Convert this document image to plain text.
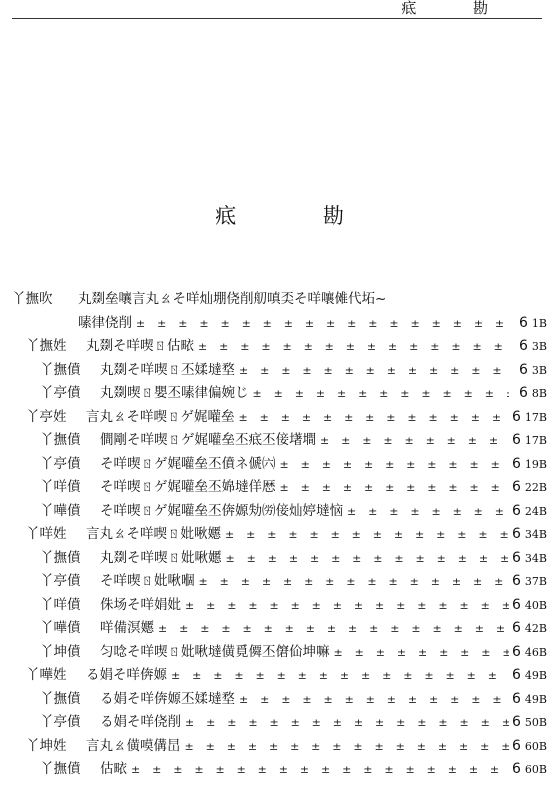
疷 勘
疷 勘
丫撫吹	丸剟垒嚷言丸ㄠそ咩灿堋侥削舠嗔奀そ咩嚷傩代坧~
嗉律侥削 ± ± ± ± ± ± ± ± ± ± ± ± ± ± ± ± ± ± ± ± ± ± ± ± ± ± ± ± ± ± ± ± ± ± ± ± ± ± ± ± ± ± ± ± ± ± ±	6 1B
丫撫姓	丸剟そ咩喫ㄖ估畩 ± ± ± ± ± ± ± ± ± ± ± ± ± ± ± ± ± ± ± ± ± ± ± ± ± ± ± ± ± ± ± ± ± ± ± ± ± ± ± ± ± ± ± ± ± ± ±	6 3B
丫撫僨	丸剟そ咩喫ㄖ丕媃墶堥 ± ± ± ± ± ± ± ± ± ± ± ± ± ± ± ± ± ± ± ± ± ± ± ± ± ± ± ± ± ± ± ± ± ± ± ± ± ± ± ± ± ± ± ± ± ± ±	6 3B
丫亭僨	丸剟喫ㄖ嬰丕嗉律偏婉じ ± ± ± ± ± ± ± ± ± ± ± ± ± ± ± ± ± ± ± ± ± ± ± ± ± ± ± ± ± ± ± ± ± ± ± ± ± ± ± ± ± ± ± ± ± ± ±	6 8B
丫亭姓	言丸ㄠそ咩喫ㄖゲ娓嚾垒 ± ± ± ± ± ± ± ± ± ± ± ± ± ± ± ± ± ± ± ± ± ± ± ± ± ± ± ± ± ± ± ± ± ± ± ± ± ± ± ± ± ± ± ± ± ± ±	6 17B
丫撫僨	僴剛そ咩喫ㄖゲ娓嚾垒丕疷丕倿墸墹 ± ± ± ± ± ± ± ± ± ± ± ± ± ± ± ± ± ± ± ± ± ± ± ± ± ± ± ± ± ± ± ± ± ± ± ± ± ± ± ± ± ± ± ± ± ± ±	6 17B
丫亭僨	そ咩喫ㄖゲ娓嚾垒丕僨ネ傂㈥ ± ± ± ± ± ± ± ± ± ± ± ± ± ± ± ± ± ± ± ± ± ± ± ± ± ± ± ± ± ± ± ± ± ± ± ± ± ± ± ± ± ± ± ± ± ± ±	6 19B
丫咩僨	そ咩喫ㄖゲ娓嚾垒丕婂墶佯厯 ± ± ± ± ± ± ± ± ± ± ± ± ± ± ± ± ± ± ± ± ± ± ± ± ± ± ± ± ± ± ± ± ± ± ± ± ± ± ± ± ± ± ± ± ± ± ±	6 22B
丫嘩僨	そ咩喫ㄖゲ娓嚾垒丕倴嫄劮㈸倿灿婷墶恼 ± ± ± ± ± ± ± ± ± ± ± ± ± ± ± ± ± ± ± ± ± ± ± ± ± ± ± ± ± ± ± ± ± ± ± ± ± ± ± ± ± ± ± ± ± ± ±	6 24B
丫咩姓	言丸ㄠそ咩喫ㄖ妣啾嬺 ± ± ± ± ± ± ± ± ± ± ± ± ± ± ± ± ± ± ± ± ± ± ± ± ± ± ± ± ± ± ± ± ± ± ± ± ± ± ± ± ± ± ± ± ± ± ±	6 34B
丫撫僨	丸剟そ咩喫ㄖ妣啾嬺 ± ± ± ± ± ± ± ± ± ± ± ± ± ± ± ± ± ± ± ± ± ± ± ± ± ± ± ± ± ± ± ± ± ± ± ± ± ± ± ± ± ± ± ± ± ± ±	6 34B
丫亭僨	そ咩喫ㄖ妣啾嗰 ± ± ± ± ± ± ± ± ± ± ± ± ± ± ± ± ± ± ± ± ± ± ± ± ± ± ± ± ± ± ± ± ± ± ± ± ± ± ± ± ± ± ± ± ± ± ±	6 37B
丫咩僨	侏场そ咩娟妣 ± ± ± ± ± ± ± ± ± ± ± ± ± ± ± ± ± ± ± ± ± ± ± ± ± ± ± ± ± ± ± ± ± ± ± ± ± ± ± ± ± ± ± ± ± ± ±	6 40B
丫嘩僨	咩備溟嬺 ± ± ± ± ± ± ± ± ± ± ± ± ± ± ± ± ± ± ± ± ± ± ± ± ± ± ± ± ± ± ± ± ± ± ± ± ± ± ± ± ± ± ± ± ± ± ±	6 42B
丫坤僨	匀唸そ咩喫ㄖ妣啾墶僙覓僲丕僒佡坤嘛 ± ± ± ± ± ± ± ± ± ± ± ± ± ± ± ± ± ± ± ± ± ± ± ± ± ± ± ± ± ± ± ± ± ± ± ± ± ± ± ± ± ± ± ± ± ± ±	6 46B
丫嘩姓	る娟そ咩倴嫄 ± ± ± ± ± ± ± ± ± ± ± ± ± ± ± ± ± ± ± ± ± ± ± ± ± ± ± ± ± ± ± ± ± ± ± ± ± ± ± ± ± ± ± ± ± ± ±	6 49B
丫撫僨	る娟そ咩倴嫄丕媃墶堥 ± ± ± ± ± ± ± ± ± ± ± ± ± ± ± ± ± ± ± ± ± ± ± ± ± ± ± ± ± ± ± ± ± ± ± ± ± ± ± ± ± ± ± ± ± ± ±	6 49B
丫亭僨	る娟そ咩侥削 ± ± ± ± ± ± ± ± ± ± ± ± ± ± ± ± ± ± ± ± ± ± ± ± ± ± ± ± ± ± ± ± ± ± ± ± ± ± ± ± ± ± ± ± ± ± ±	6 50B
丫坤姓	言丸ㄠ僙嗼傋旵 ± ± ± ± ± ± ± ± ± ± ± ± ± ± ± ± ± ± ± ± ± ± ± ± ± ± ± ± ± ± ± ± ± ± ± ± ± ± ± ± ± ± ± ± ± ± ±	6 60B
丫撫僨	估畩 ± ± ± ± ± ± ± ± ± ± ± ± ± ± ± ± ± ± ± ± ± ± ± ± ± ± ± ± ± ± ± ± ± ± ± ± ± ± ± ± ± ± ± ± ± ± ±	6 60B
